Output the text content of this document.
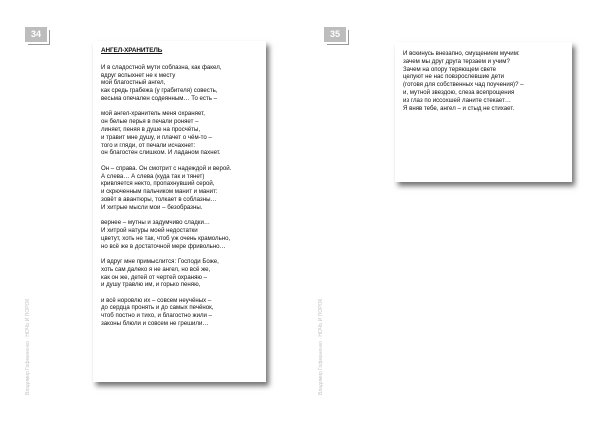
34	35
Владимир Гофманенко · НОЧЬ И ПОРОК	Владимир Гофманенко · НОЧЬ И ПОРОК
АНГЕЛ-ХРАНИТЕЛЬ
И в сладостной мути соблазна, как факел,
вдруг вспыхнет не к месту
мой благостный ангел,
как средь грабежа (у грабителя) совесть,
весьма опечален содеянным… То есть –
мой ангел-хранитель меня охраняет,
он белые перья в печали роняет –
линяет, пеняя в душе на просчёты,
и травит мне душу, и плачет о чём-то –
того и гляди, от печали исчахнет:
он благостен слишком. И ладаном пахнет.
Он – справа. Он смотрит с надеждой и верой.
А слева… А слева (куда так и тянет)
кривляется некто, пропахнувший серой,
и скрюченным пальчиком манит и манит:
зовёт в авантюры, толкает в соблазны…
И хитрые мысли мои – безобразны.
вернее – мутны и задумчиво сладки…
И хитрой натуры моей недостатки
цветут, хоть не так, чтоб уж очень крамольно,
но всё же в достаточной мере фривольно…
И вдруг мне примыслится: Господи Боже,
хоть сам далеко я не ангел, но всё же,
как он же, детей от чертей охраняю –
и душу травлю им, и горько пеняю,
и всё норовлю их – совсем неучёных –
до сердца пронять и до самых печёнок,
чтоб постно и тихо, и благостно жили –
законы блюли и совсем не грешили…
И вскинусь внезапно, смущением мучим:
зачем мы друг друга терзаем и учим?
Зачем на опору теряющем свете
целуют не нас повзрослевшие дети
(готовя для собственных чад поучения)? –
и, мутной звездою, слеза всепрощения
из глаз по иссохшей ланите стекает…
Я вняв тебе, ангел – и стыд не стихает.
